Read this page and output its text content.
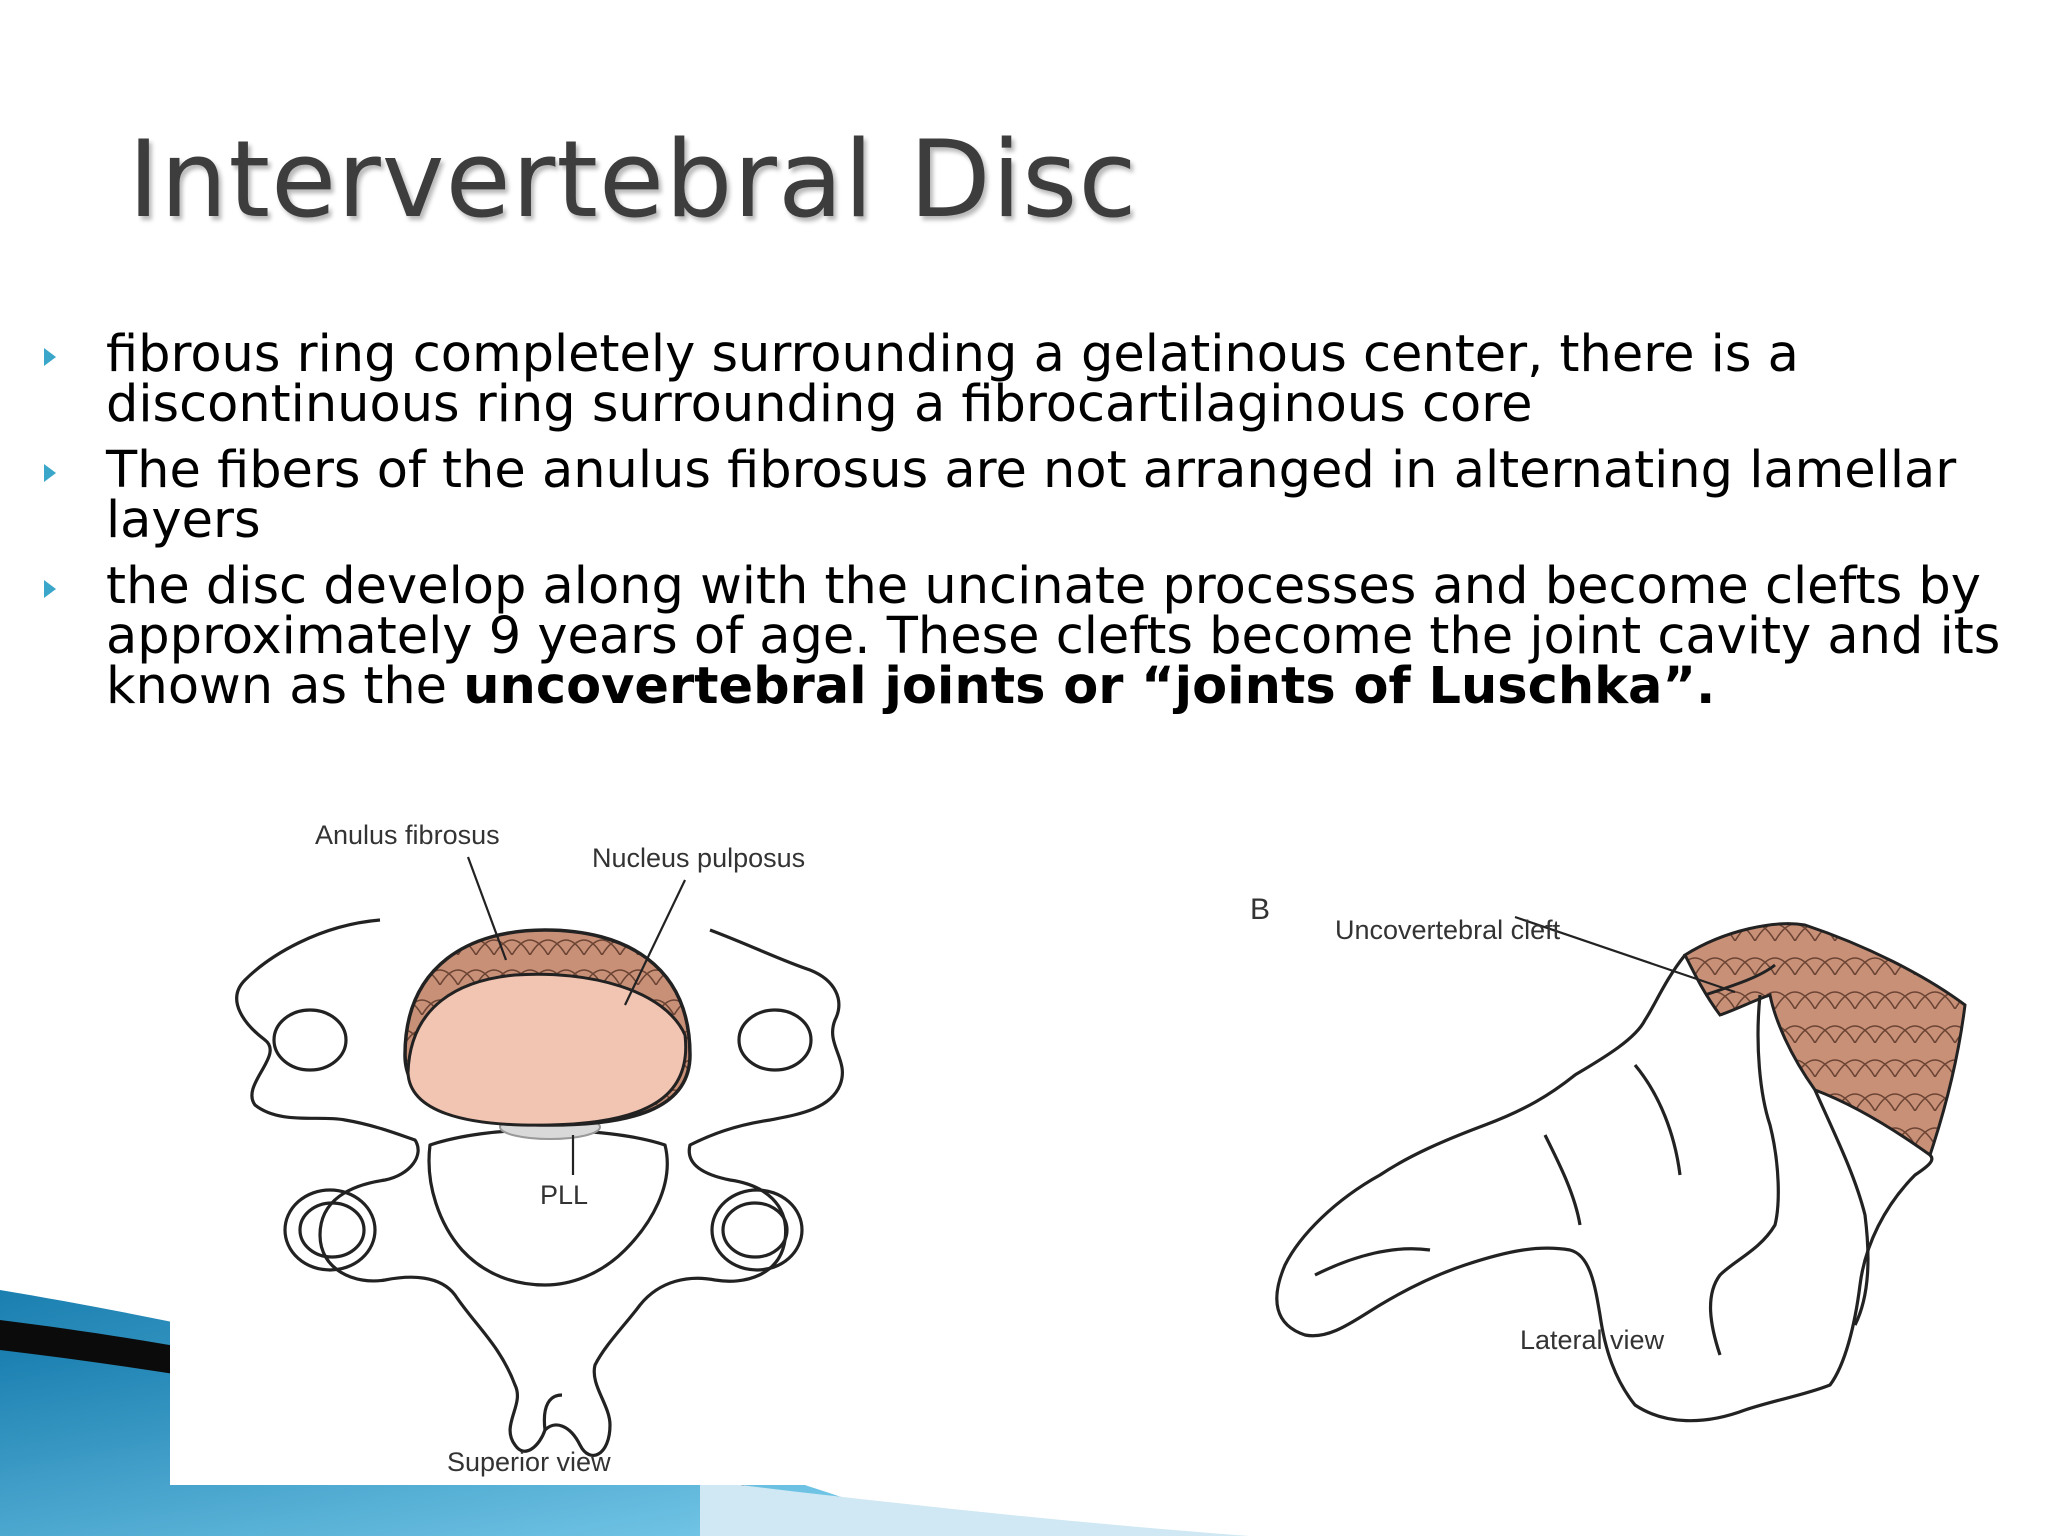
Intervertebral Disc
fibrous ring completely surrounding a gelatinous center, there is a discontinuous ring surrounding a fibrocartilaginous core
The fibers of the anulus fibrosus are not arranged in alternating lamellar layers
the disc develop along with the uncinate processes and become clefts by approximately 9 years of age. These clefts become the joint cavity and its known as the uncovertebral joints or “joints of Luschka”.
Anulus fibrosus
Nucleus pulposus
PLL
Superior view
B
Uncovertebral cleft
Lateral view
